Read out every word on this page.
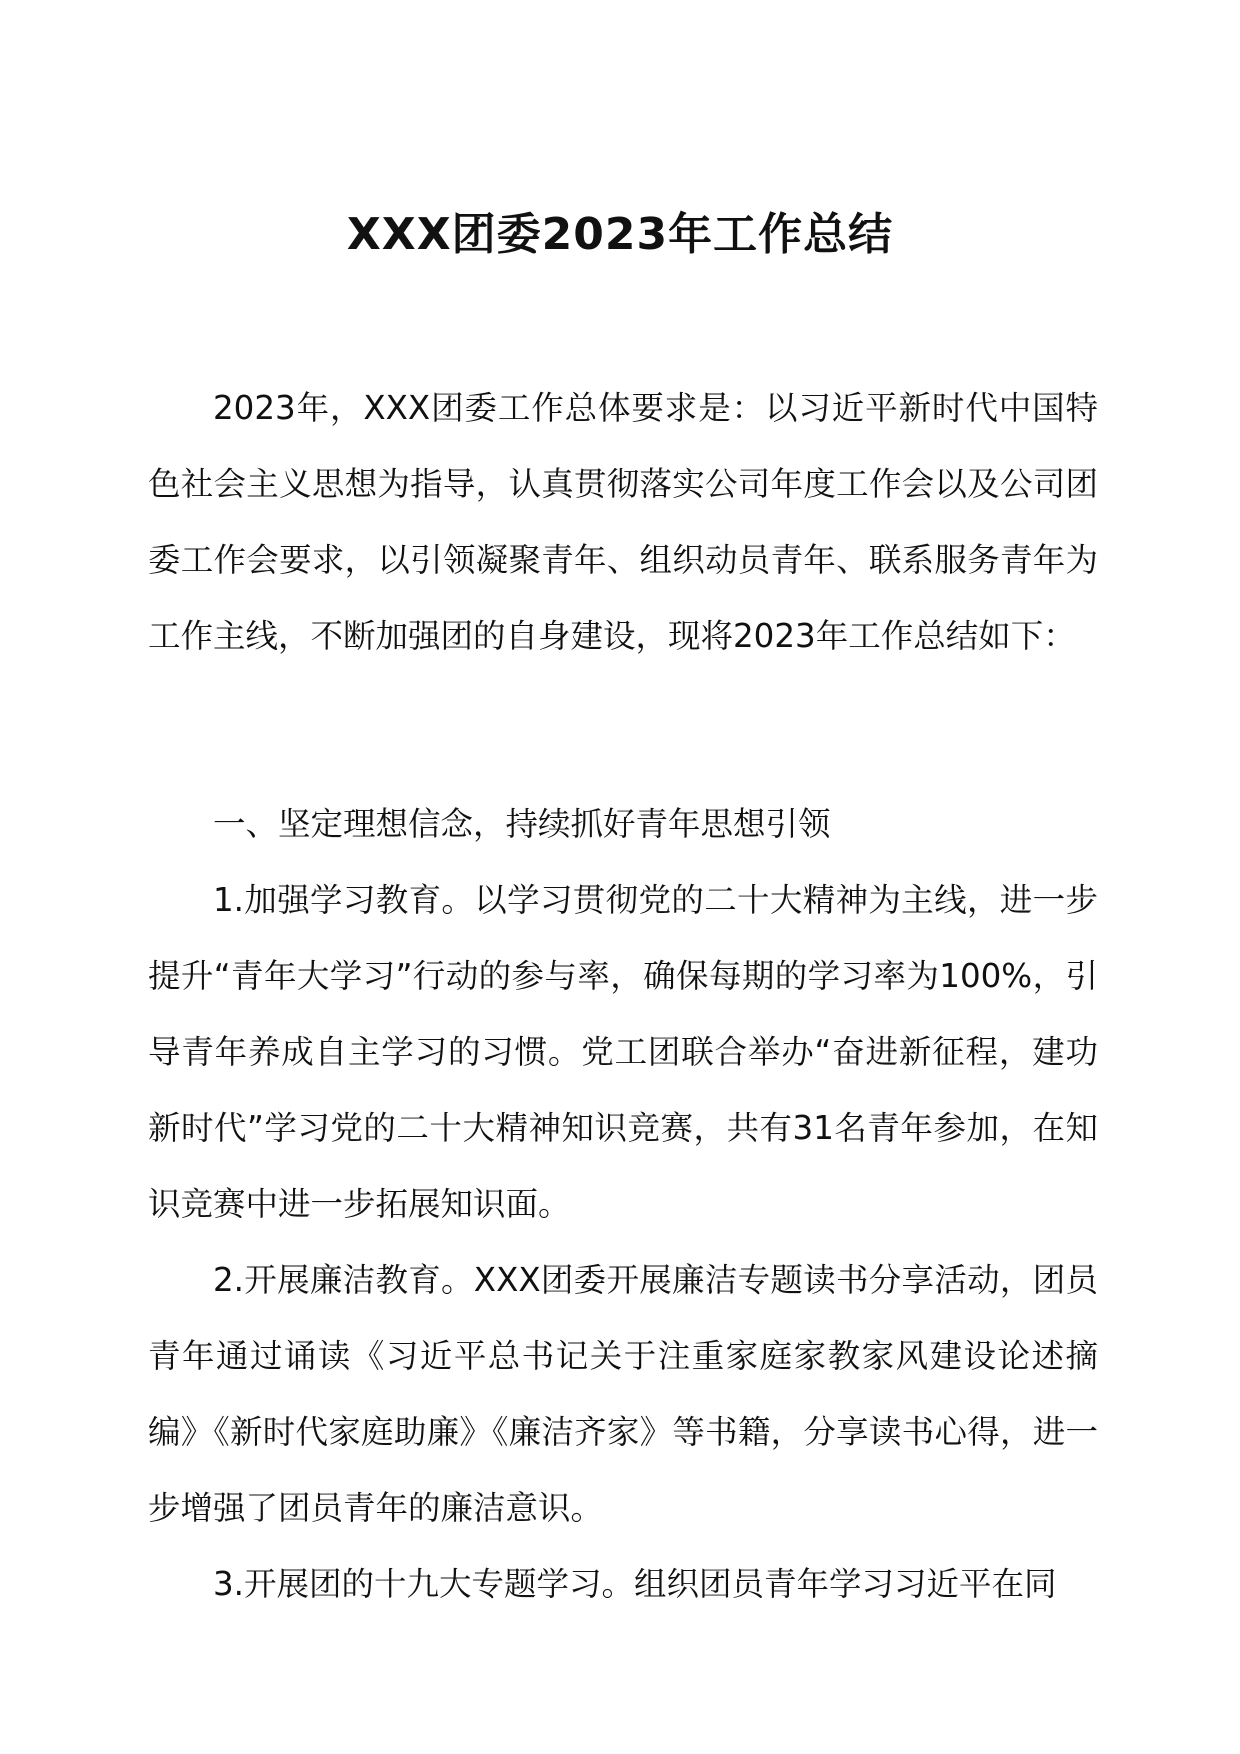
XXX团委2023年工作总结

2023年，XXX团委工作总体要求是：以习近平新时代中国特色社会主义思想为指导，认真贯彻落实公司年度工作会以及公司团委工作会要求，以引领凝聚青年、组织动员青年、联系服务青年为工作主线，不断加强团的自身建设，现将2023年工作总结如下：

一、坚定理想信念，持续抓好青年思想引领

1.加强学习教育。以学习贯彻党的二十大精神为主线，进一步提升“青年大学习”行动的参与率，确保每期的学习率为100%，引导青年养成自主学习的习惯。党工团联合举办“奋进新征程，建功新时代”学习党的二十大精神知识竞赛，共有31名青年参加，在知识竞赛中进一步拓展知识面。

2.开展廉洁教育。XXX团委开展廉洁专题读书分享活动，团员青年通过诵读《习近平总书记关于注重家庭家教家风建设论述摘编》《新时代家庭助廉》《廉洁齐家》等书籍，分享读书心得，进一步增强了团员青年的廉洁意识。

3.开展团的十九大专题学习。组织团员青年学习习近平在同
